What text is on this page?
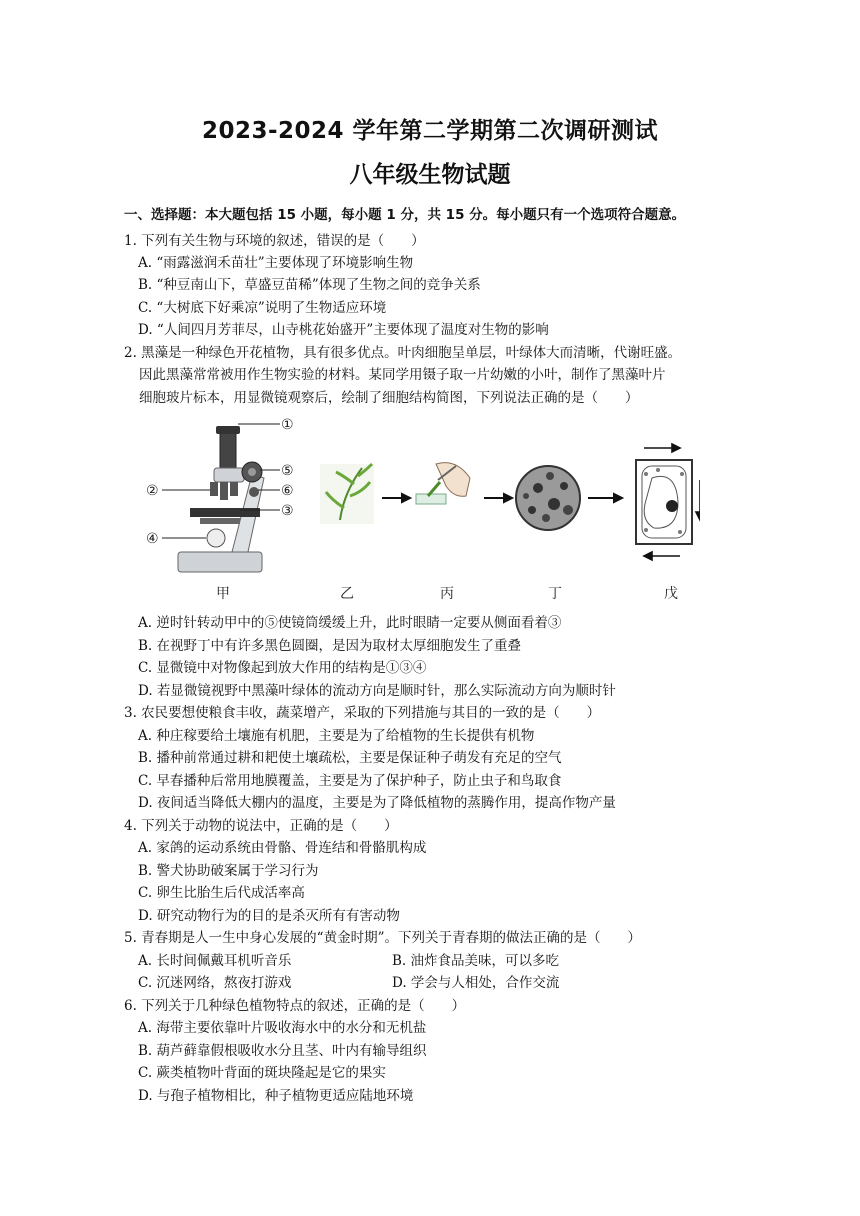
2023-2024 学年第二学期第二次调研测试
八年级生物试题
一、选择题：本大题包括 15 小题，每小题 1 分，共 15 分。每小题只有一个选项符合题意。
1. 下列有关生物与环境的叙述，错误的是（　　）
A. “雨露滋润禾苗壮”主要体现了环境影响生物
B. “种豆南山下，草盛豆苗稀”体现了生物之间的竞争关系
C. “大树底下好乘凉”说明了生物适应环境
D. “人间四月芳菲尽，山寺桃花始盛开”主要体现了温度对生物的影响
2. 黑藻是一种绿色开花植物，具有很多优点。叶肉细胞呈单层，叶绿体大而清晰，代谢旺盛。
因此黑藻常常被用作生物实验的材料。某同学用镊子取一片幼嫩的小叶，制作了黑藻叶片
细胞玻片标本，用显微镜观察后，绘制了细胞结构简图，下列说法正确的是（　　）
①
⑤
⑥
③
②
④
甲	乙	丙	丁	戊
A. 逆时针转动甲中的⑤使镜筒缓缓上升，此时眼睛一定要从侧面看着③
B. 在视野丁中有许多黑色圆圈，是因为取材太厚细胞发生了重叠
C. 显微镜中对物像起到放大作用的结构是①③④
D. 若显微镜视野中黑藻叶绿体的流动方向是顺时针，那么实际流动方向为顺时针
3. 农民要想使粮食丰收，蔬菜增产，采取的下列措施与其目的一致的是（　　）
A. 种庄稼要给土壤施有机肥，主要是为了给植物的生长提供有机物
B. 播种前常通过耕和耙使土壤疏松，主要是保证种子萌发有充足的空气
C. 早春播种后常用地膜覆盖，主要是为了保护种子，防止虫子和鸟取食
D. 夜间适当降低大棚内的温度，主要是为了降低植物的蒸腾作用，提高作物产量
4. 下列关于动物的说法中，正确的是（　　）
A. 家鸽的运动系统由骨骼、骨连结和骨骼肌构成
B. 警犬协助破案属于学习行为
C. 卵生比胎生后代成活率高
D. 研究动物行为的目的是杀灭所有有害动物
5. 青春期是人一生中身心发展的“黄金时期”。下列关于青春期的做法正确的是（　　）
A. 长时间佩戴耳机听音乐	B. 油炸食品美味，可以多吃
C. 沉迷网络，熬夜打游戏	D. 学会与人相处，合作交流
6. 下列关于几种绿色植物特点的叙述，正确的是（　　）
A. 海带主要依靠叶片吸收海水中的水分和无机盐
B. 葫芦藓靠假根吸收水分且茎、叶内有输导组织
C. 蕨类植物叶背面的斑块隆起是它的果实
D. 与孢子植物相比，种子植物更适应陆地环境
